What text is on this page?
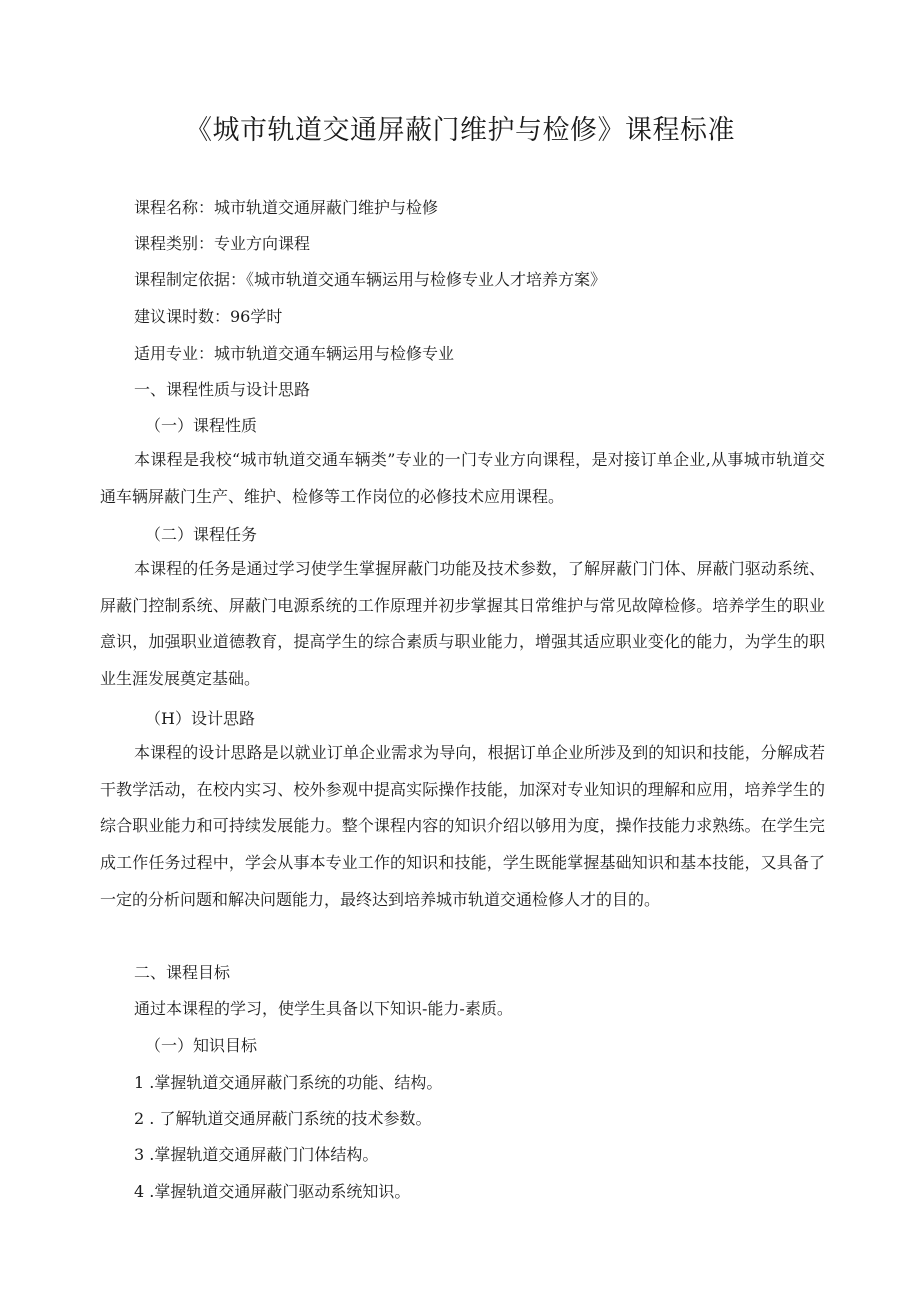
《城市轨道交通屏蔽门维护与检修》课程标准
课程名称：城市轨道交通屏蔽门维护与检修
课程类别：专业方向课程
课程制定依据：《城市轨道交通车辆运用与检修专业人才培养方案》
建议课时数：96学时
适用专业：城市轨道交通车辆运用与检修专业
一、课程性质与设计思路
（一）课程性质
本课程是我校“城市轨道交通车辆类”专业的一门专业方向课程，是对接订单企业,从事城市轨道交通车辆屏蔽门生产、维护、检修等工作岗位的必修技术应用课程。
（二）课程任务
本课程的任务是通过学习使学生掌握屏蔽门功能及技术参数，了解屏蔽门门体、屏蔽门驱动系统、屏蔽门控制系统、屏蔽门电源系统的工作原理并初步掌握其日常维护与常见故障检修。培养学生的职业意识，加强职业道德教育，提高学生的综合素质与职业能力，增强其适应职业变化的能力，为学生的职业生涯发展奠定基础。
（H）设计思路
本课程的设计思路是以就业订单企业需求为导向，根据订单企业所涉及到的知识和技能，分解成若干教学活动，在校内实习、校外参观中提高实际操作技能，加深对专业知识的理解和应用，培养学生的综合职业能力和可持续发展能力。整个课程内容的知识介绍以够用为度，操作技能力求熟练。在学生完成工作任务过程中，学会从事本专业工作的知识和技能，学生既能掌握基础知识和基本技能，又具备了一定的分析问题和解决问题能力，最终达到培养城市轨道交通检修人才的目的。
二、课程目标
通过本课程的学习，使学生具备以下知识-能力-素质。
（一）知识目标
1 .掌握轨道交通屏蔽门系统的功能、结构。
2 . 了解轨道交通屏蔽门系统的技术参数。
3 .掌握轨道交通屏蔽门门体结构。
4 .掌握轨道交通屏蔽门驱动系统知识。
